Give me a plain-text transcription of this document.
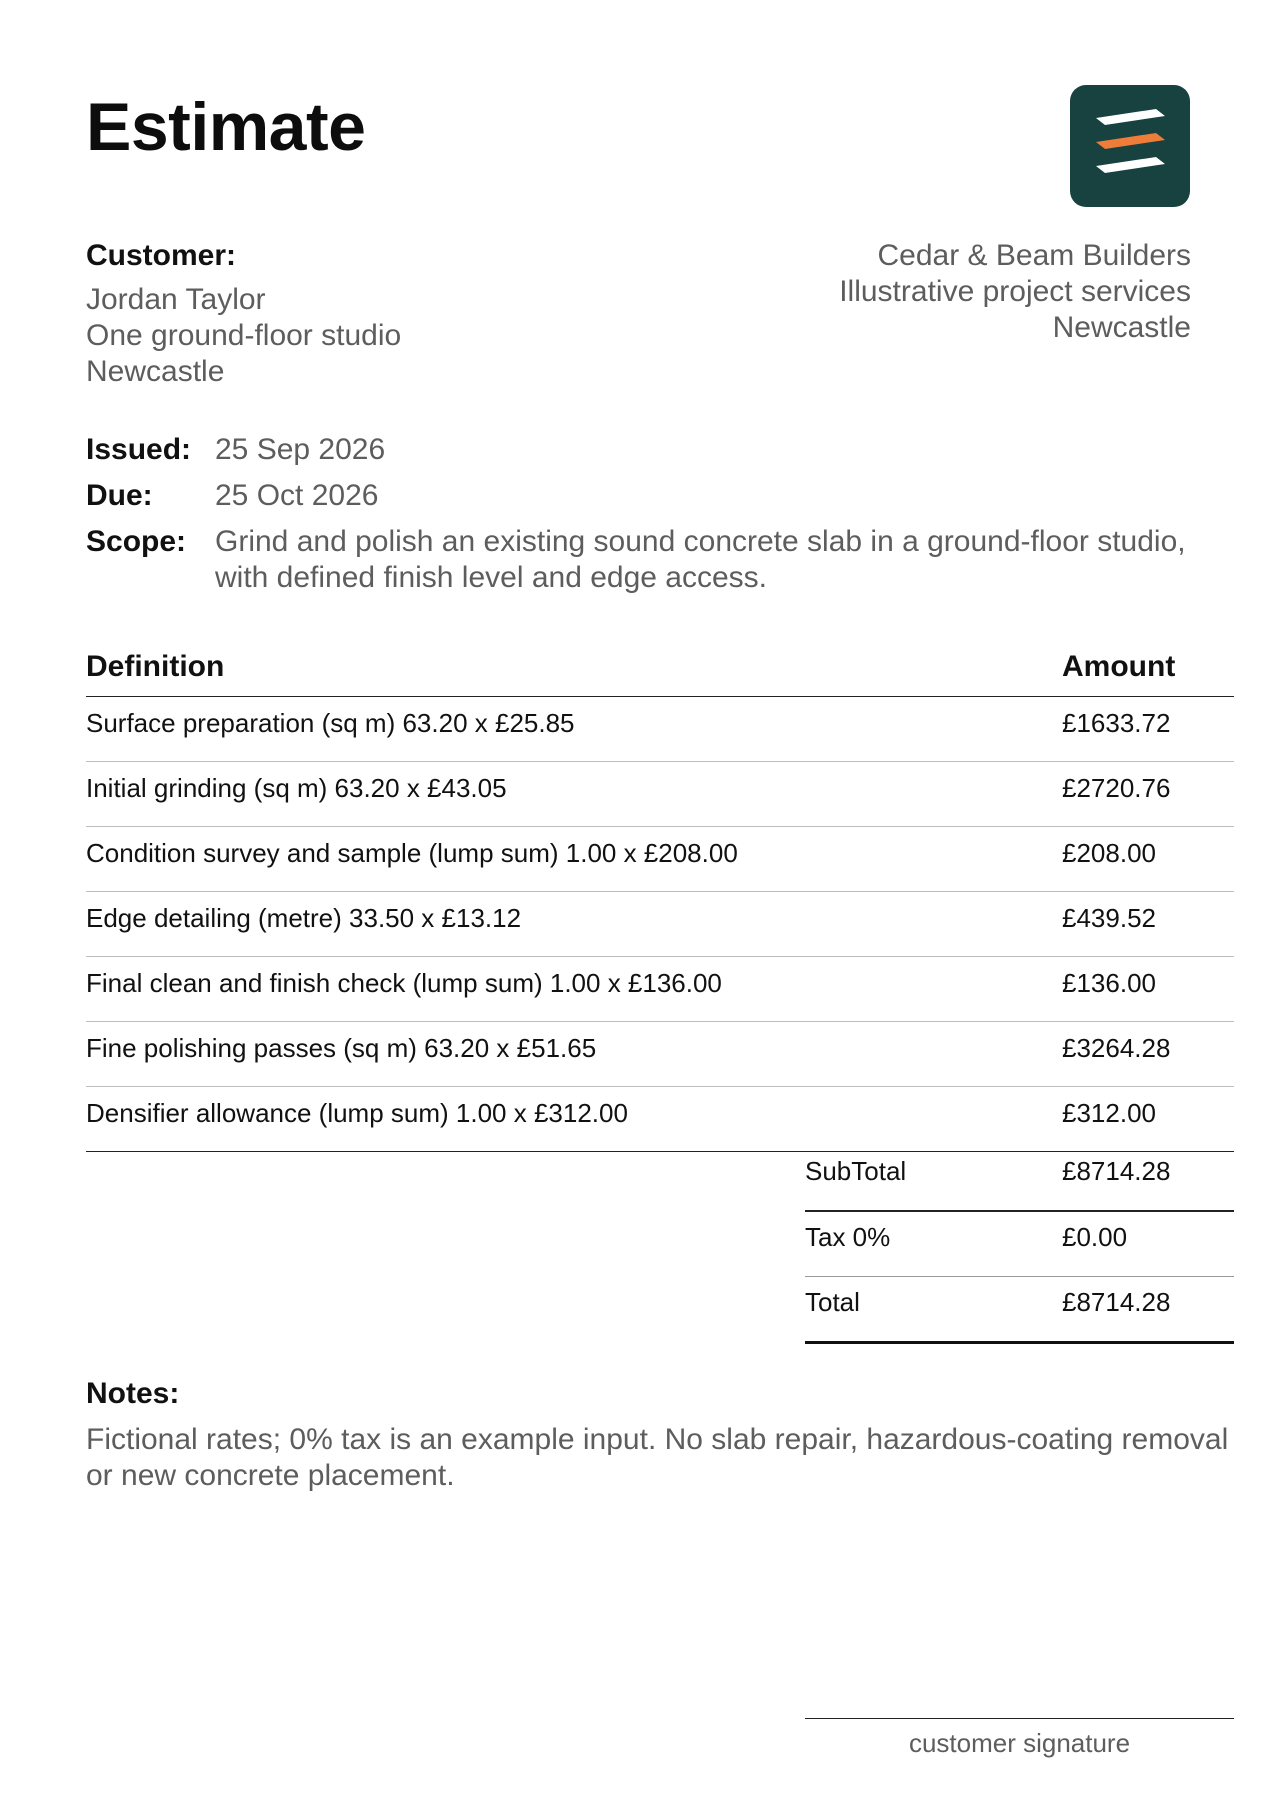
Estimate
Customer:
Jordan Taylor
One ground-floor studio
Newcastle
Cedar & Beam Builders
Illustrative project services
Newcastle
Issued: 25 Sep 2026
Due:	25 Oct 2026
Scope: Grind and polish an existing sound concrete slab in a ground-floor studio, with defined finish level and edge access.
Definition	Amount
Surface preparation (sq m) 63.20 x £25.85	£1633.72
Initial grinding (sq m) 63.20 x £43.05	£2720.76
Condition survey and sample (lump sum) 1.00 x £208.00	£208.00
Edge detailing (metre) 33.50 x £13.12	£439.52
Final clean and finish check (lump sum) 1.00 x £136.00	£136.00
Fine polishing passes (sq m) 63.20 x £51.65	£3264.28
Densifier allowance (lump sum) 1.00 x £312.00	£312.00
SubTotal	£8714.28
Tax 0%	£0.00
Total	£8714.28
Notes:
Fictional rates; 0% tax is an example input. No slab repair, hazardous-coating removal or new concrete placement.
customer signature
